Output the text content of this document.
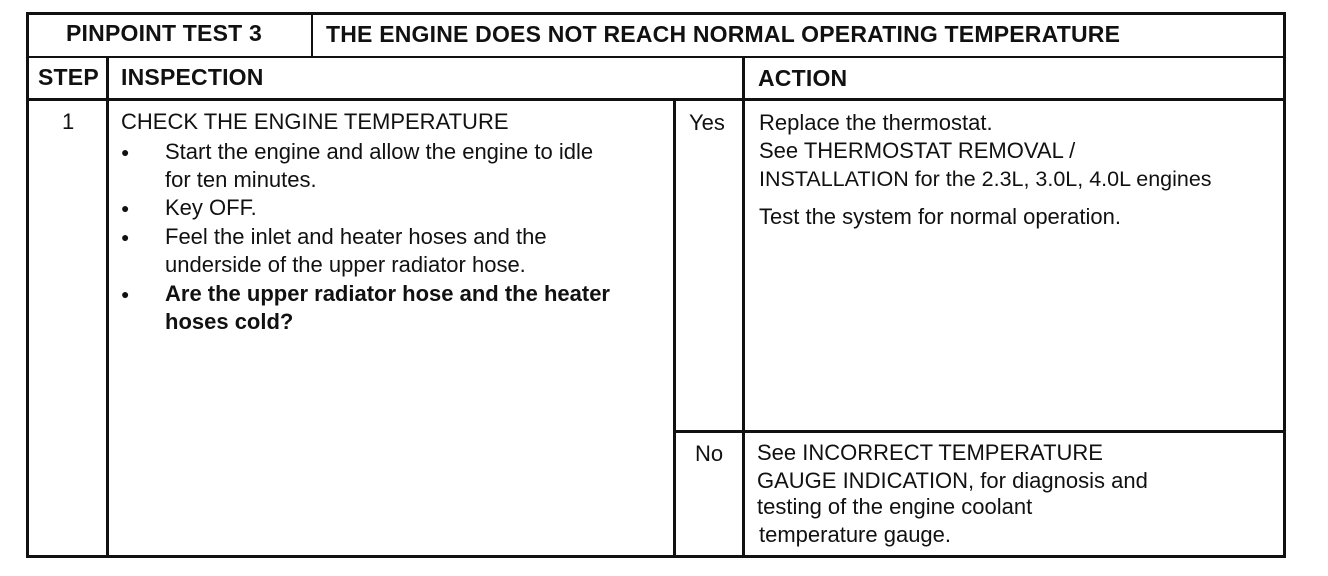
PINPOINT TEST 3	THE ENGINE DOES NOT REACH NORMAL OPERATING TEMPERATURE
STEP INSPECTION	ACTION
1 CHECK THE ENGINE TEMPERATURE
● Start the engine and allow the engine to idle
for ten minutes.
● Key OFF.
● Feel the inlet and heater hoses and the
underside of the upper radiator hose.
● Are the upper radiator hose and the heater
hoses cold?
Yes Replace the thermostat.
See THERMOSTAT REMOVAL /
INSTALLATION for the 2.3L, 3.0L, 4.0L engines
Test the system for normal operation.
No See INCORRECT TEMPERATURE
GAUGE INDICATION, for diagnosis and
testing of the engine coolant
temperature gauge.
